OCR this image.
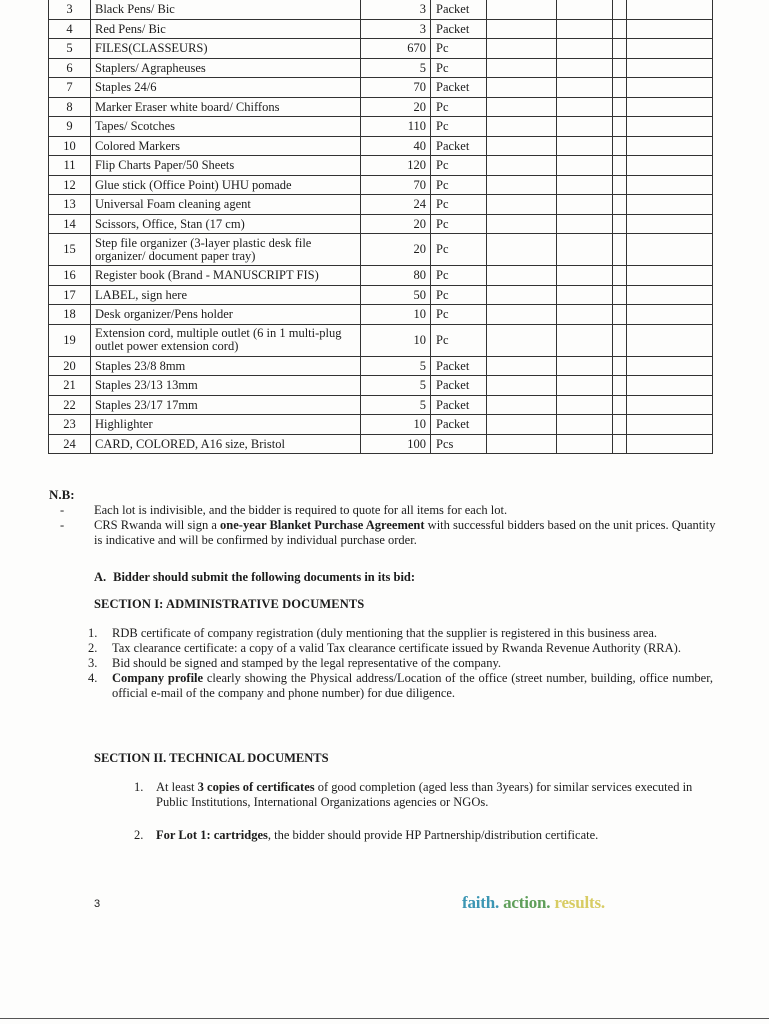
3	Black Pens/ Bic	3	Packet				
4	Red Pens/ Bic	3	Packet				
5	FILES(CLASSEURS)	670	Pc				
6	Staplers/ Agrapheuses	5	Pc				
7	Staples 24/6	70	Packet				
8	Marker Eraser white board/ Chiffons	20	Pc				
9	Tapes/ Scotches	110	Pc				
10	Colored Markers	40	Packet				
11	Flip Charts Paper/50 Sheets	120	Pc				
12	Glue stick (Office Point) UHU pomade	70	Pc				
13	Universal Foam cleaning agent	24	Pc				
14	Scissors, Office, Stan (17 cm)	20	Pc				
15	Step file organizer (3-layer plastic desk file organizer/ document paper tray)	20	Pc				
16	Register book (Brand - MANUSCRIPT FIS)	80	Pc				
17	LABEL, sign here	50	Pc				
18	Desk organizer/Pens holder	10	Pc				
19	Extension cord, multiple outlet (6 in 1 multi-plug outlet power extension cord)	10	Pc				
20	Staples 23/8 8mm	5	Packet				
21	Staples 23/13 13mm	5	Packet				
22	Staples 23/17 17mm	5	Packet				
23	Highlighter	10	Packet				
24	CARD, COLORED, A16 size, Bristol	100	Pcs				
N.B:
- Each lot is indivisible, and the bidder is required to quote for all items for each lot.
- CRS Rwanda will sign a one-year Blanket Purchase Agreement with successful bidders based on the unit prices. Quantity is indicative and will be confirmed by individual purchase order.
A. Bidder should submit the following documents in its bid:
SECTION I: ADMINISTRATIVE DOCUMENTS
1. RDB certificate of company registration (duly mentioning that the supplier is registered in this business area.
2. Tax clearance certificate: a copy of a valid Tax clearance certificate issued by Rwanda Revenue Authority (RRA).
3. Bid should be signed and stamped by the legal representative of the company.
4. Company profile clearly showing the Physical address/Location of the office (street number, building, office number, official e-mail of the company and phone number) for due diligence.
SECTION II. TECHNICAL DOCUMENTS
1. At least 3 copies of certificates of good completion (aged less than 3years) for similar services executed in Public Institutions, International Organizations agencies or NGOs.
2. For Lot 1: cartridges, the bidder should provide HP Partnership/distribution certificate.
3	faith. action. results.
